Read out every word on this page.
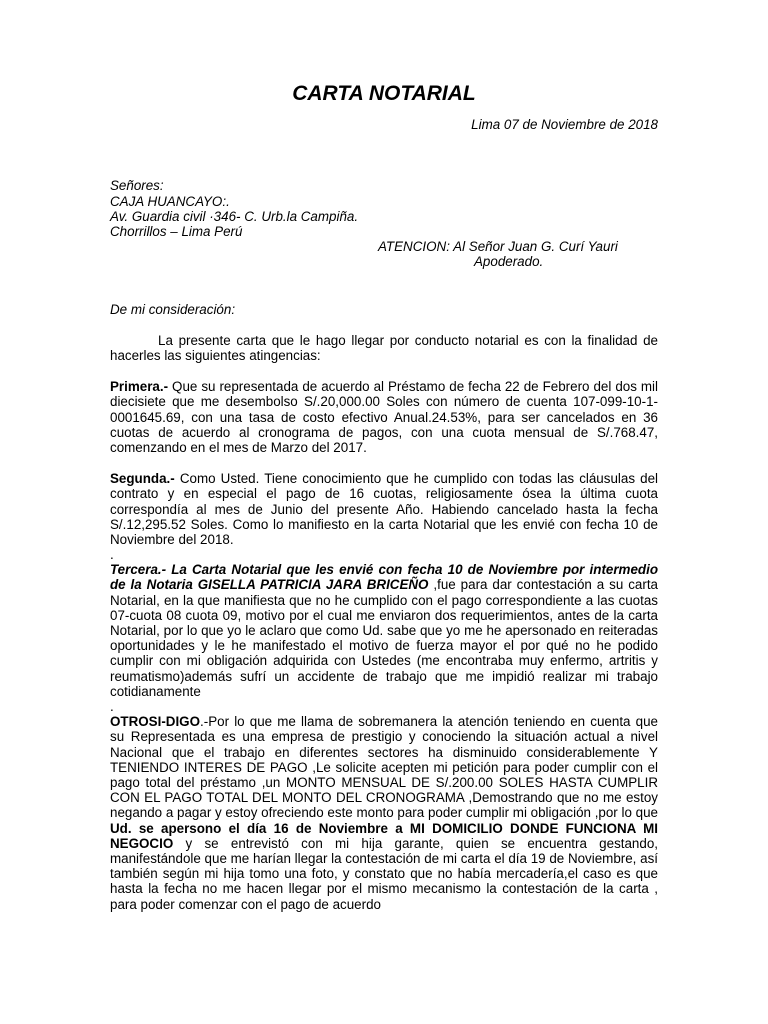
CARTA NOTARIAL
Lima 07 de Noviembre de 2018
Señores:
CAJA HUANCAYO:.
Av. Guardia civil ·346- C. Urb.la Campiña.
Chorrillos – Lima Perú
ATENCION: Al Señor Juan G. Curí Yauri
Apoderado.
De mi consideración:

La presente carta que le hago llegar por conducto notarial es con la finalidad de hacerles las siguientes atingencias:

Primera.- Que su representada de acuerdo al Préstamo de fecha 22 de Febrero del dos mil diecisiete que me desembolso S/.20,000.00 Soles con número de cuenta 107-099-10-1-0001645.69, con una tasa de costo efectivo Anual.24.53%, para ser cancelados en 36 cuotas de acuerdo al cronograma de pagos, con una cuota mensual de S/.768.47, comenzando en el mes de Marzo del 2017.

Segunda.- Como Usted. Tiene conocimiento que he cumplido con todas las cláusulas del contrato y en especial el pago de 16 cuotas, religiosamente ósea la última cuota correspondía al mes de Junio del presente Año. Habiendo cancelado hasta la fecha S/.12,295.52 Soles. Como lo manifiesto en la carta Notarial que les envié con fecha 10 de Noviembre del 2018.

.

Tercera.- La Carta Notarial que les envié con fecha 10 de Noviembre por intermedio de la Notaria GISELLA PATRICIA JARA BRICEÑO ,fue para dar contestación a su carta Notarial, en la que manifiesta que no he cumplido con el pago correspondiente a las cuotas 07-cuota 08 cuota 09, motivo por el cual me enviaron dos requerimientos, antes de la carta Notarial, por lo que yo le aclaro que como Ud. sabe que yo me he apersonado en reiteradas oportunidades y le he manifestado el motivo de fuerza mayor el por qué no he podido cumplir con mi obligación adquirida con Ustedes (me encontraba muy enfermo, artritis y reumatismo)además sufrí un accidente de trabajo que me impidió realizar mi trabajo cotidianamente

.

OTROSI-DIGO.-Por lo que me llama de sobremanera la atención teniendo en cuenta que su Representada es una empresa de prestigio y conociendo la situación actual a nivel Nacional que el trabajo en diferentes sectores ha disminuido considerablemente Y TENIENDO INTERES DE PAGO ,Le solicite acepten mi petición para poder cumplir con el pago total del préstamo ,un MONTO MENSUAL DE S/.200.00 SOLES HASTA CUMPLIR CON EL PAGO TOTAL DEL MONTO DEL CRONOGRAMA ,Demostrando que no me estoy negando a pagar y estoy ofreciendo este monto para poder cumplir mi obligación ,por lo que Ud. se apersono el día 16 de Noviembre a MI DOMICILIO DONDE FUNCIONA MI NEGOCIO y se entrevistó con mi hija garante, quien se encuentra gestando, manifestándole que me harían llegar la contestación de mi carta el día 19 de Noviembre, así también según mi hija tomo una foto, y constato que no había mercadería,el caso es que hasta la fecha no me hacen llegar por el mismo mecanismo la contestación de la carta , para poder comenzar con el pago de acuerdo
